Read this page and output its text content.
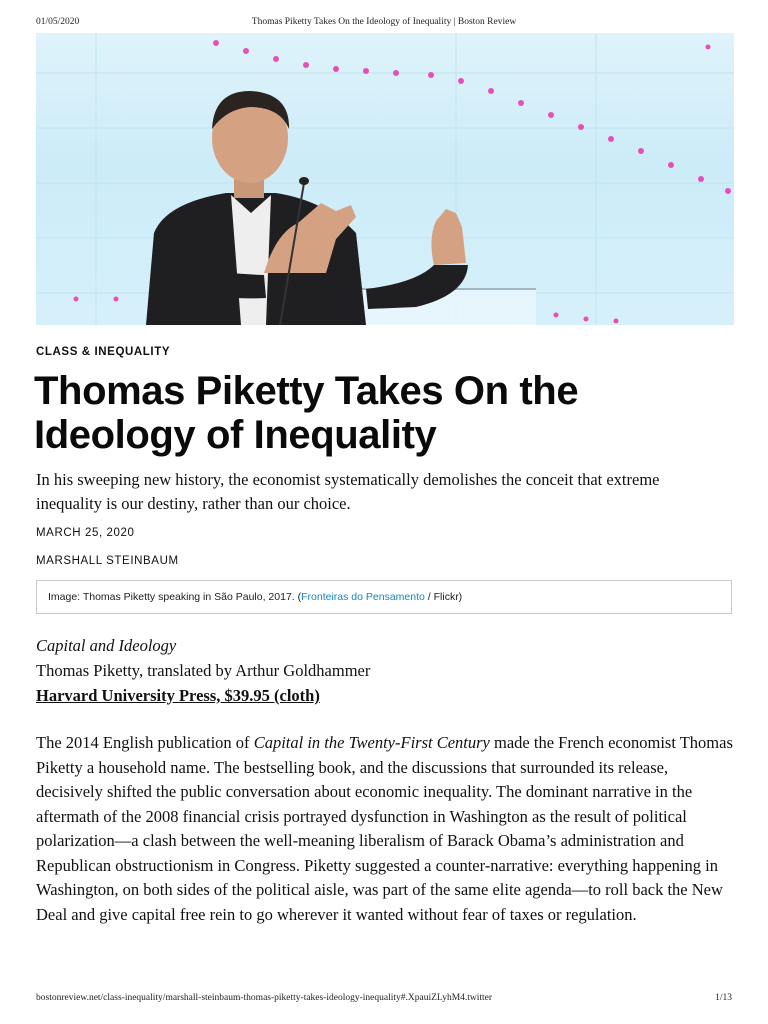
01/05/2020	Thomas Piketty Takes On the Ideology of Inequality | Boston Review
CLASS & INEQUALITY
Thomas Piketty Takes On the Ideology of Inequality

In his sweeping new history, the economist systematically demolishes the conceit that extreme inequality is our destiny, rather than our choice.

MARCH 25, 2020
MARSHALL STEINBAUM
Image: Thomas Piketty speaking in São Paulo, 2017. (Fronteiras do Pensamento / Flickr)
Capital and Ideology
Thomas Piketty, translated by Arthur Goldhammer
Harvard University Press, $39.95 (cloth)

The 2014 English publication of Capital in the Twenty-First Century made the French economist Thomas Piketty a household name. The bestselling book, and the discussions that surrounded its release, decisively shifted the public conversation about economic inequality. The dominant narrative in the aftermath of the 2008 financial crisis portrayed dysfunction in Washington as the result of political polarization—a clash between the well-meaning liberalism of Barack Obama’s administration and Republican obstructionism in Congress. Piketty suggested a counter-narrative: everything happening in Washington, on both sides of the political aisle, was part of the same elite agenda—to roll back the New Deal and give capital free rein to go wherever it wanted without fear of taxes or regulation.

bostonreview.net/class-inequality/marshall-steinbaum-thomas-piketty-takes-ideology-inequality#.XpauiZLyhM4.twitter	1/13
